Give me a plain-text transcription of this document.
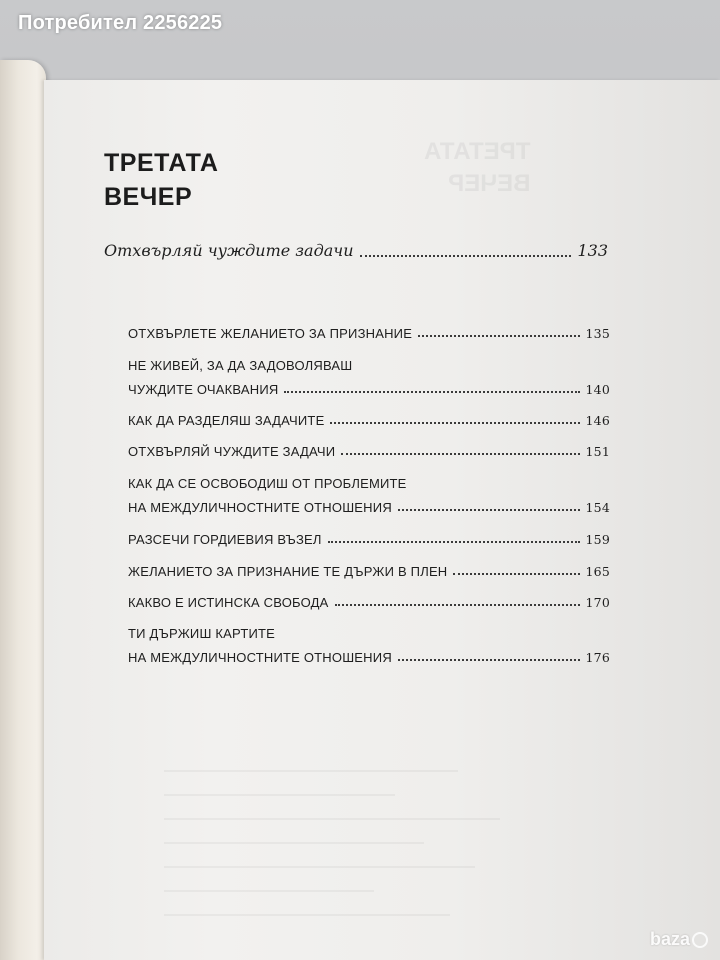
ТРЕТАТА
ВЕЧЕР
Потребител 2256225
ТРЕТАТА
ВЕЧЕР
Отхвърляй чуждите задачи	133
ОТХВЪРЛЕТЕ ЖЕЛАНИЕТО ЗА ПРИЗНАНИЕ	135
НЕ ЖИВЕЙ, ЗА ДА ЗАДОВОЛЯВАШ
ЧУЖДИТЕ ОЧАКВАНИЯ	140
КАК ДА РАЗДЕЛЯШ ЗАДАЧИТЕ	146
ОТХВЪРЛЯЙ ЧУЖДИТЕ ЗАДАЧИ	151
КАК ДА СЕ ОСВОБОДИШ ОТ ПРОБЛЕМИТЕ
НА МЕЖДУЛИЧНОСТНИТЕ ОТНОШЕНИЯ	154
РАЗСЕЧИ ГОРДИЕВИЯ ВЪЗЕЛ	159
ЖЕЛАНИЕТО ЗА ПРИЗНАНИЕ ТЕ ДЪРЖИ В ПЛЕН	165
КАКВО Е ИСТИНСКА СВОБОДА	170
ТИ ДЪРЖИШ КАРТИТЕ
НА МЕЖДУЛИЧНОСТНИТЕ ОТНОШЕНИЯ	176
baza
